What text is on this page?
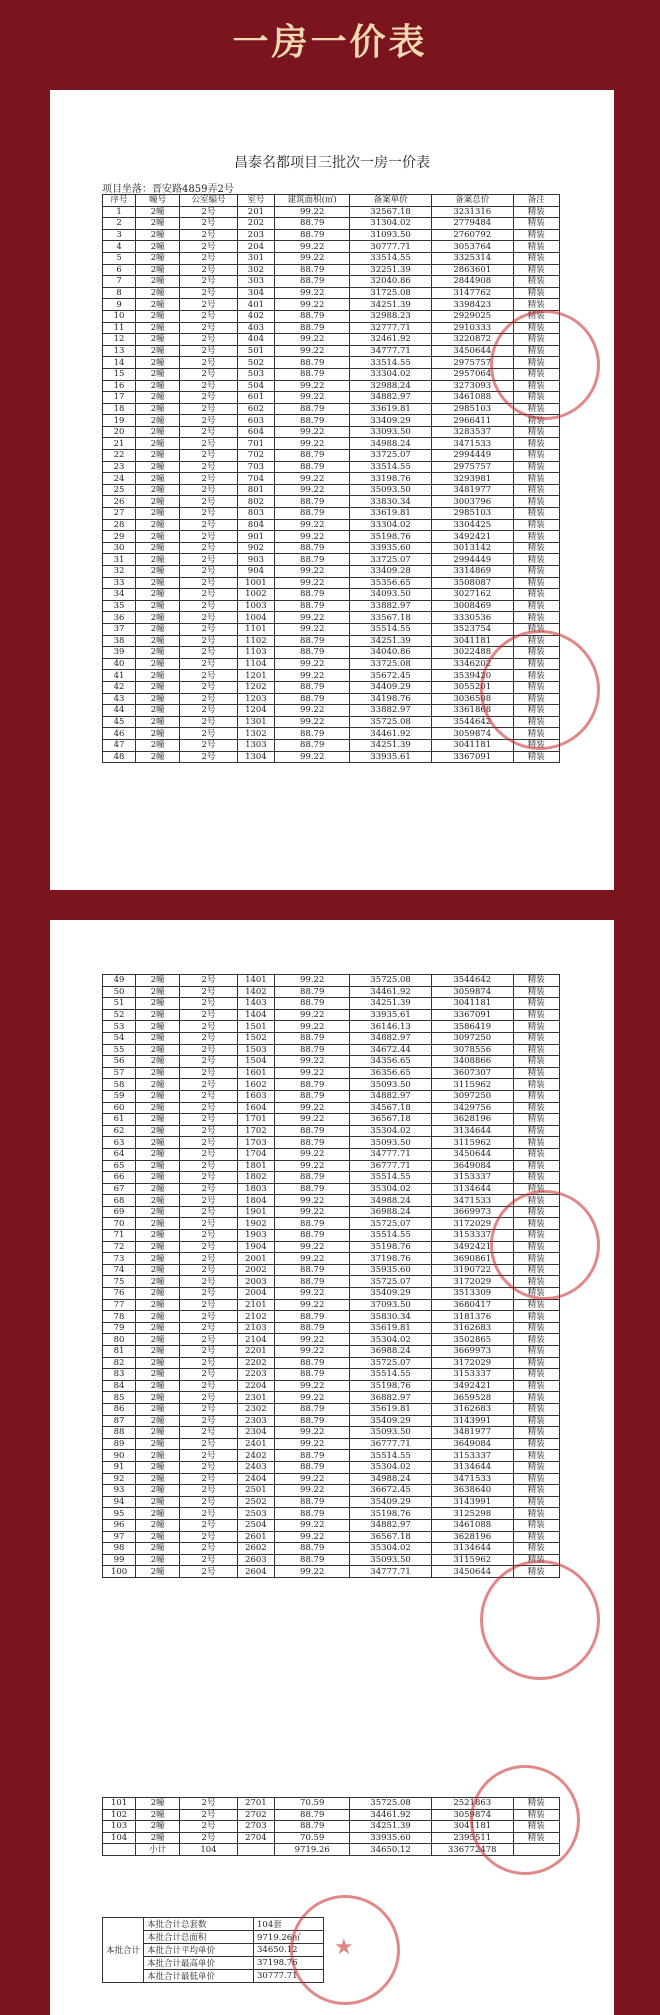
一房一价表
昌泰名都项目三批次一房一价表
项目坐落：晋安路4859弄2号
序号	幢号	公室编号	室号	建筑面积(㎡)	备案单价	备案总价	备注
1	2幢	2号	201	99.22	32567.18	3231316	精装
2	2幢	2号	202	88.79	31304.02	2779484	精装
3	2幢	2号	203	88.79	31093.50	2760792	精装
4	2幢	2号	204	99.22	30777.71	3053764	精装
5	2幢	2号	301	99.22	33514.55	3325314	精装
6	2幢	2号	302	88.79	32251.39	2863601	精装
7	2幢	2号	303	88.79	32040.86	2844908	精装
8	2幢	2号	304	99.22	31725.08	3147762	精装
9	2幢	2号	401	99.22	34251.39	3398423	精装
10	2幢	2号	402	88.79	32988.23	2929025	精装
11	2幢	2号	403	88.79	32777.71	2910333	精装
12	2幢	2号	404	99.22	32461.92	3220872	精装
13	2幢	2号	501	99.22	34777.71	3450644	精装
14	2幢	2号	502	88.79	33514.55	2975757	精装
15	2幢	2号	503	88.79	33304.02	2957064	精装
16	2幢	2号	504	99.22	32988.24	3273093	精装
17	2幢	2号	601	99.22	34882.97	3461088	精装
18	2幢	2号	602	88.79	33619.81	2985103	精装
19	2幢	2号	603	88.79	33409.29	2966411	精装
20	2幢	2号	604	99.22	33093.50	3283537	精装
21	2幢	2号	701	99.22	34988.24	3471533	精装
22	2幢	2号	702	88.79	33725.07	2994449	精装
23	2幢	2号	703	88.79	33514.55	2975757	精装
24	2幢	2号	704	99.22	33198.76	3293981	精装
25	2幢	2号	801	99.22	35093.50	3481977	精装
26	2幢	2号	802	88.79	33830.34	3003796	精装
27	2幢	2号	803	88.79	33619.81	2985103	精装
28	2幢	2号	804	99.22	33304.02	3304425	精装
29	2幢	2号	901	99.22	35198.76	3492421	精装
30	2幢	2号	902	88.79	33935.60	3013142	精装
31	2幢	2号	903	88.79	33725.07	2994449	精装
32	2幢	2号	904	99.22	33409.28	3314869	精装
33	2幢	2号	1001	99.22	35356.65	3508087	精装
34	2幢	2号	1002	88.79	34093.50	3027162	精装
35	2幢	2号	1003	88.79	33882.97	3008469	精装
36	2幢	2号	1004	99.22	33567.18	3330536	精装
37	2幢	2号	1101	99.22	35514.55	3523754	精装
38	2幢	2号	1102	88.79	34251.39	3041181	精装
39	2幢	2号	1103	88.79	34040.86	3022488	精装
40	2幢	2号	1104	99.22	33725.08	3346202	精装
41	2幢	2号	1201	99.22	35672.45	3539420	精装
42	2幢	2号	1202	88.79	34409.29	3055201	精装
43	2幢	2号	1203	88.79	34198.76	3036508	精装
44	2幢	2号	1204	99.22	33882.97	3361868	精装
45	2幢	2号	1301	99.22	35725.08	3544642	精装
46	2幢	2号	1302	88.79	34461.92	3059874	精装
47	2幢	2号	1303	88.79	34251.39	3041181	精装
48	2幢	2号	1304	99.22	33935.61	3367091	精装
49	2幢	2号	1401	99.22	35725.08	3544642	精装
50	2幢	2号	1402	88.79	34461.92	3059874	精装
51	2幢	2号	1403	88.79	34251.39	3041181	精装
52	2幢	2号	1404	99.22	33935.61	3367091	精装
53	2幢	2号	1501	99.22	36146.13	3586419	精装
54	2幢	2号	1502	88.79	34882.97	3097250	精装
55	2幢	2号	1503	88.79	34672.44	3078556	精装
56	2幢	2号	1504	99.22	34356.65	3408866	精装
57	2幢	2号	1601	99.22	36356.65	3607307	精装
58	2幢	2号	1602	88.79	35093.50	3115962	精装
59	2幢	2号	1603	88.79	34882.97	3097250	精装
60	2幢	2号	1604	99.22	34567.18	3429756	精装
61	2幢	2号	1701	99.22	36567.18	3628196	精装
62	2幢	2号	1702	88.79	35304.02	3134644	精装
63	2幢	2号	1703	88.79	35093.50	3115962	精装
64	2幢	2号	1704	99.22	34777.71	3450644	精装
65	2幢	2号	1801	99.22	36777.71	3649084	精装
66	2幢	2号	1802	88.79	35514.55	3153337	精装
67	2幢	2号	1803	88.79	35304.02	3134644	精装
68	2幢	2号	1804	99.22	34988.24	3471533	精装
69	2幢	2号	1901	99.22	36988.24	3669973	精装
70	2幢	2号	1902	88.79	35725.07	3172029	精装
71	2幢	2号	1903	88.79	35514.55	3153337	精装
72	2幢	2号	1904	99.22	35198.76	3492421	精装
73	2幢	2号	2001	99.22	37198.76	3690861	精装
74	2幢	2号	2002	88.79	35935.60	3190722	精装
75	2幢	2号	2003	88.79	35725.07	3172029	精装
76	2幢	2号	2004	99.22	35409.29	3513309	精装
77	2幢	2号	2101	99.22	37093.50	3680417	精装
78	2幢	2号	2102	88.79	35830.34	3181376	精装
79	2幢	2号	2103	88.79	35619.81	3162683	精装
80	2幢	2号	2104	99.22	35304.02	3502865	精装
81	2幢	2号	2201	99.22	36988.24	3669973	精装
82	2幢	2号	2202	88.79	35725.07	3172029	精装
83	2幢	2号	2203	88.79	35514.55	3153337	精装
84	2幢	2号	2204	99.22	35198.76	3492421	精装
85	2幢	2号	2301	99.22	36882.97	3659528	精装
86	2幢	2号	2302	88.79	35619.81	3162683	精装
87	2幢	2号	2303	88.79	35409.29	3143991	精装
88	2幢	2号	2304	99.22	35093.50	3481977	精装
89	2幢	2号	2401	99.22	36777.71	3649084	精装
90	2幢	2号	2402	88.79	35514.55	3153337	精装
91	2幢	2号	2403	88.79	35304.02	3134644	精装
92	2幢	2号	2404	99.22	34988.24	3471533	精装
93	2幢	2号	2501	99.22	36672.45	3638640	精装
94	2幢	2号	2502	88.79	35409.29	3143991	精装
95	2幢	2号	2503	88.79	35198.76	3125298	精装
96	2幢	2号	2504	99.22	34882.97	3461088	精装
97	2幢	2号	2601	99.22	36567.18	3628196	精装
98	2幢	2号	2602	88.79	35304.02	3134644	精装
99	2幢	2号	2603	88.79	35093.50	3115962	精装
100	2幢	2号	2604	99.22	34777.71	3450644	精装
101	2幢	2号	2701	70.59	35725.08	2521863	精装
102	2幢	2号	2702	88.79	34461.92	3059874	精装
103	2幢	2号	2703	88.79	34251.39	3041181	精装
104	2幢	2号	2704	70.59	33935.60	2395511	精装
	小计	104		9719.26	34650.12	336772478	
本批合计	本批合计总套数	104套
	本批合计总面积	9719.26㎡
	本批合计平均单价	34650.12
	本批合计最高单价	37198.76
	本批合计最低单价	30777.71
★
